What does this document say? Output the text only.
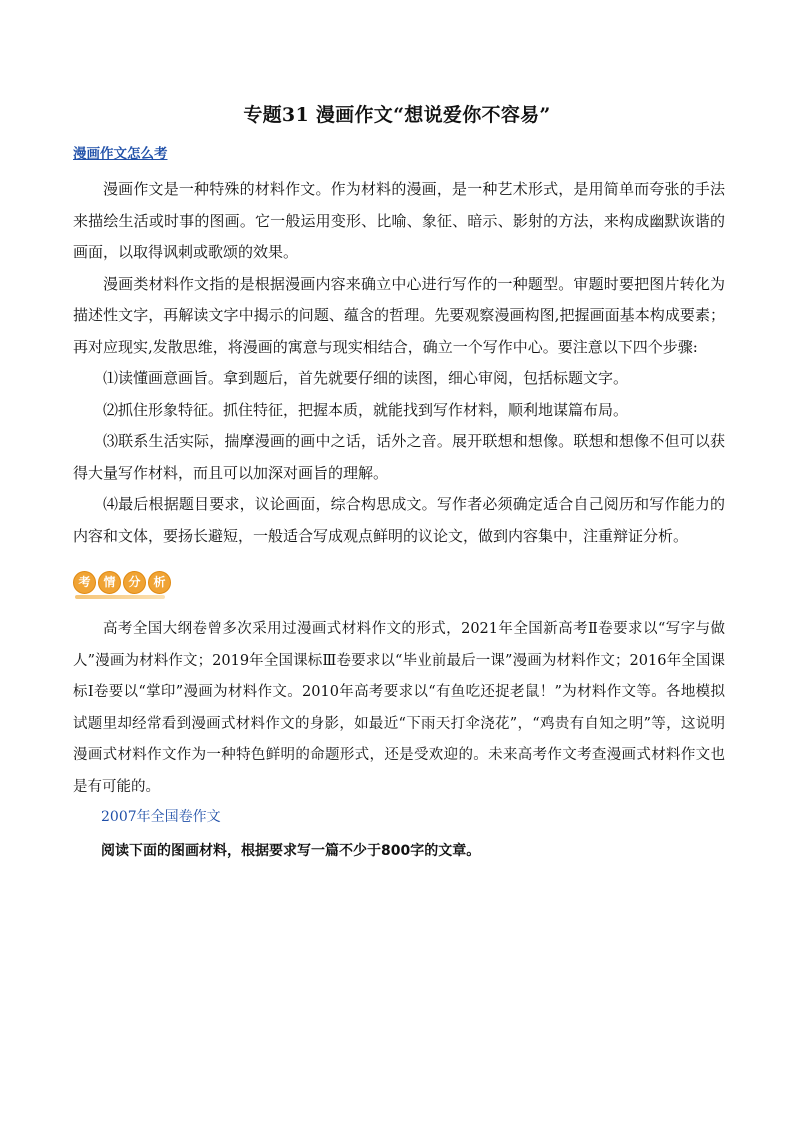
专题31 漫画作文“想说爱你不容易”
漫画作文怎么考

漫画作文是一种特殊的材料作文。作为材料的漫画，是一种艺术形式，是用简单而夸张的手法来描绘生活或时事的图画。它一般运用变形、比喻、象征、暗示、影射的方法，来构成幽默诙谐的画面，以取得讽刺或歌颂的效果。

漫画类材料作文指的是根据漫画内容来确立中心进行写作的一种题型。审题时要把图片转化为描述性文字，再解读文字中揭示的问题、蕴含的哲理。先要观察漫画构图,把握画面基本构成要素；再对应现实,发散思维，将漫画的寓意与现实相结合，确立一个写作中心。要注意以下四个步骤:

⑴读懂画意画旨。拿到题后，首先就要仔细的读图，细心审阅，包括标题文字。

⑵抓住形象特征。抓住特征，把握本质，就能找到写作材料，顺利地谋篇布局。

⑶联系生活实际，揣摩漫画的画中之话，话外之音。展开联想和想像。联想和想像不但可以获得大量写作材料，而且可以加深对画旨的理解。

⑷最后根据题目要求，议论画面，综合构思成文。写作者必须确定适合自己阅历和写作能力的内容和文体，要扬长避短，一般适合写成观点鲜明的议论文，做到内容集中，注重辩证分析。

考	情	分	析

高考全国大纲卷曾多次采用过漫画式材料作文的形式，2021年全国新高考Ⅱ卷要求以“写字与做人”漫画为材料作文；2019年全国课标Ⅲ卷要求以“毕业前最后一课”漫画为材料作文；2016年全国课标Ⅰ卷要以“掌印”漫画为材料作文。2010年高考要求以“有鱼吃还捉老鼠！”为材料作文等。各地模拟试题里却经常看到漫画式材料作文的身影，如最近“下雨天打伞浇花”，“鸡贵有自知之明”等，这说明漫画式材料作文作为一种特色鲜明的命题形式，还是受欢迎的。未来高考作文考查漫画式材料作文也是有可能的。

2007年全国卷作文
阅读下面的图画材料，根据要求写一篇不少于800字的文章。
